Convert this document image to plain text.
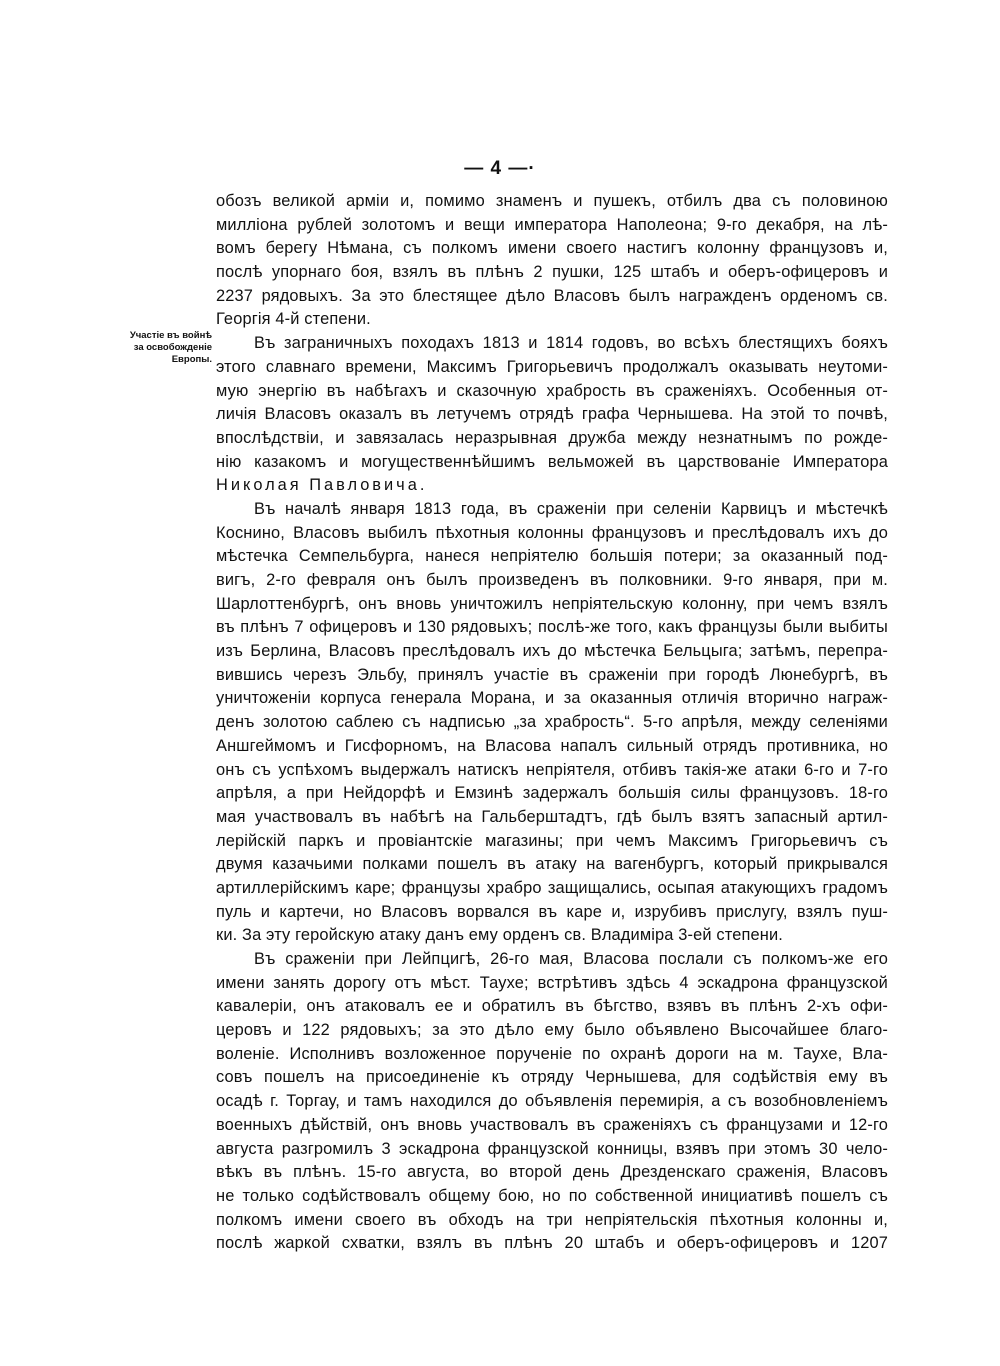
— 4 —·
Участіе въ войнѣ
за освобожденіе
Европы.
обозъ великой арміи и, помимо знаменъ и пушекъ, отбилъ два съ половиною
милліона рублей золотомъ и вещи императора Наполеона; 9-го декабря, на лѣ-
вомъ берегу Нѣмана, съ полкомъ имени своего настигъ колонну французовъ и,
послѣ упорнаго боя, взялъ въ плѣнъ 2 пушки, 125 штабъ и оберъ-офицеровъ и
2237 рядовыхъ. За это блестящее дѣло Власовъ былъ награжденъ орденомъ св.
Георгія 4-й степени.
Въ заграничныхъ походахъ 1813 и 1814 годовъ, во всѣхъ блестящихъ бояхъ
этого славнаго времени, Максимъ Григорьевичъ продолжалъ оказывать неутоми-
мую энергію въ набѣгахъ и сказочную храбрость въ сраженіяхъ. Особенныя от-
личія Власовъ оказалъ въ летучемъ отрядѣ графа Чернышева. На этой то почвѣ,
впослѣдствіи, и завязалась неразрывная дружба между незнатнымъ по рожде-
нію казакомъ и могущественнѣйшимъ вельможей въ царствованіе Императора
Николая Павловича.
Въ началѣ января 1813 года, въ сраженіи при селеніи Карвицъ и мѣстечкѣ
Коснино, Власовъ выбилъ пѣхотныя колонны французовъ и преслѣдовалъ ихъ до
мѣстечка Семпельбурга, нанеся непріятелю большія потери; за оказанный под-
вигъ, 2-го февраля онъ былъ произведенъ въ полковники. 9-го января, при м.
Шарлоттенбургѣ, онъ вновь уничтожилъ непріятельскую колонну, при чемъ взялъ
въ плѣнъ 7 офицеровъ и 130 рядовыхъ; послѣ-же того, какъ французы были выбиты
изъ Берлина, Власовъ преслѣдовалъ ихъ до мѣстечка Бельцыга; затѣмъ, перепра-
вившись черезъ Эльбу, принялъ участіе въ сраженіи при городѣ Люнебургѣ, въ
уничтоженіи корпуса генерала Морана, и за оказанныя отличія вторично награж-
денъ золотою саблею съ надписью „за храбрость“. 5-го апрѣля, между селеніями
Аншгеймомъ и Гисфорномъ, на Власова напалъ сильный отрядъ противника, но
онъ съ успѣхомъ выдержалъ натискъ непріятеля, отбивъ такія-же атаки 6-го и 7-го
апрѣля, а при Нейдорфѣ и Емзинѣ задержалъ большія силы французовъ. 18-го
мая участвовалъ въ набѣгѣ на Гальберштадтъ, гдѣ былъ взятъ запасный артил-
лерійскій паркъ и провіантскіе магазины; при чемъ Максимъ Григорьевичъ съ
двумя казачьими полками пошелъ въ атаку на вагенбургъ, который прикрывался
артиллерійскимъ каре; французы храбро защищались, осыпая атакующихъ градомъ
пуль и картечи, но Власовъ ворвался въ каре и, изрубивъ прислугу, взялъ пуш-
ки. За эту геройскую атаку данъ ему орденъ св. Владиміра 3-ей степени.
Въ сраженіи при Лейпцигѣ, 26-го мая, Власова послали съ полкомъ-же его
имени занять дорогу отъ мѣст. Таухе; встрѣтивъ здѣсь 4 эскадрона французской
кавалеріи, онъ атаковалъ ее и обратилъ въ бѣгство, взявъ въ плѣнъ 2-хъ офи-
церовъ и 122 рядовыхъ; за это дѣло ему было объявлено Высочайшее благо-
воленіе. Исполнивъ возложенное порученіе по охранѣ дороги на м. Таухе, Вла-
совъ пошелъ на присоединеніе къ отряду Чернышева, для содѣйствія ему въ
осадѣ г. Торгау, и тамъ находился до объявленія перемирія, а съ возобновленіемъ
военныхъ дѣйствій, онъ вновь участвовалъ въ сраженіяхъ съ французами и 12-го
августа разгромилъ 3 эскадрона французской конницы, взявъ при этомъ 30 чело-
вѣкъ въ плѣнъ. 15-го августа, во второй день Дрезденскаго сраженія, Власовъ
не только содѣйствовалъ общему бою, но по собственной инициативѣ пошелъ съ
полкомъ имени своего въ обходъ на три непріятельскія пѣхотныя колонны и,
послѣ жаркой схватки, взялъ въ плѣнъ 20 штабъ и оберъ-офицеровъ и 1207
